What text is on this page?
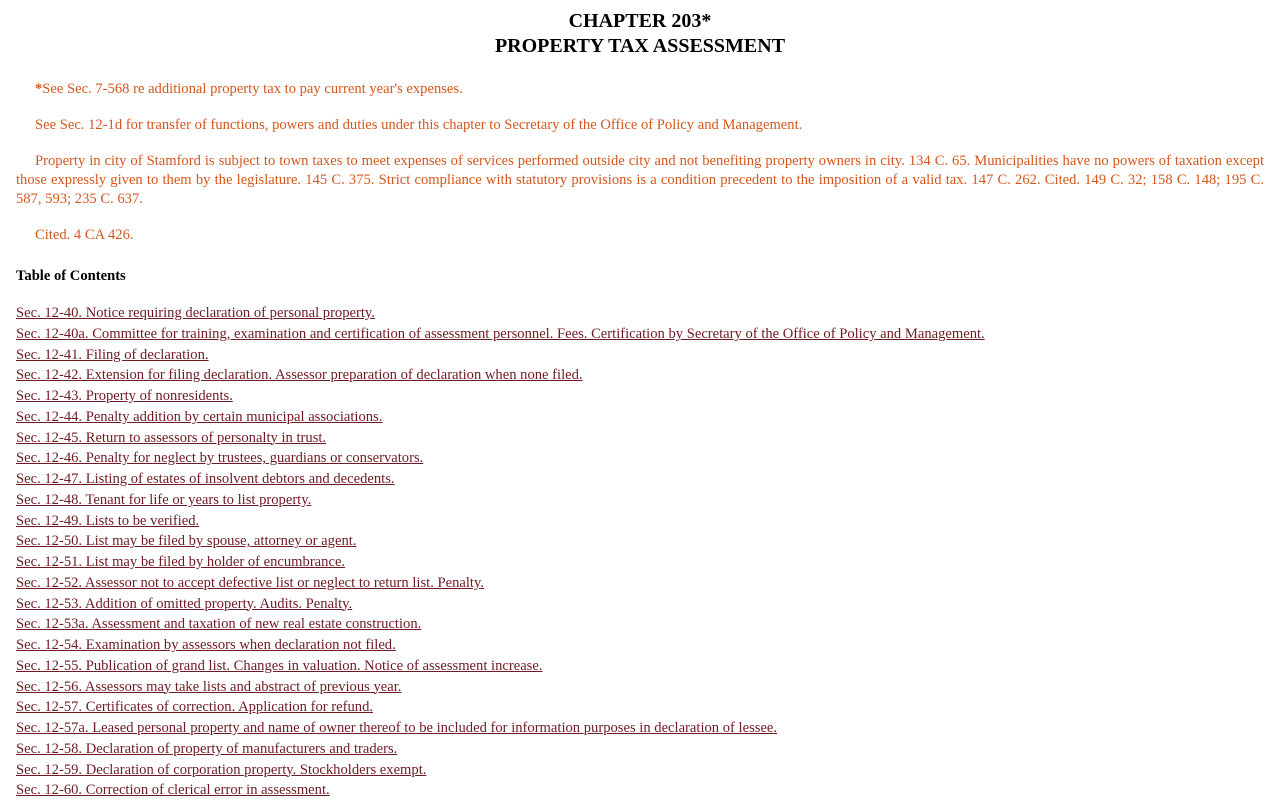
CHAPTER 203*
PROPERTY TAX ASSESSMENT

*See Sec. 7-568 re additional property tax to pay current year's expenses.

See Sec. 12-1d for transfer of functions, powers and duties under this chapter to Secretary of the Office of Policy and Management.

Property in city of Stamford is subject to town taxes to meet expenses of services performed outside city and not benefiting property owners in city. 134 C. 65. Municipalities have no powers of taxation except those expressly given to them by the legislature. 145 C. 375. Strict compliance with statutory provisions is a condition precedent to the imposition of a valid tax. 147 C. 262. Cited. 149 C. 32; 158 C. 148; 195 C. 587, 593; 235 C. 637.

Cited. 4 CA 426.

Table of Contents

Sec. 12-40. Notice requiring declaration of personal property.

Sec. 12-40a. Committee for training, examination and certification of assessment personnel. Fees. Certification by Secretary of the Office of Policy and Management.

Sec. 12-41. Filing of declaration.

Sec. 12-42. Extension for filing declaration. Assessor preparation of declaration when none filed.

Sec. 12-43. Property of nonresidents.

Sec. 12-44. Penalty addition by certain municipal associations.

Sec. 12-45. Return to assessors of personalty in trust.

Sec. 12-46. Penalty for neglect by trustees, guardians or conservators.

Sec. 12-47. Listing of estates of insolvent debtors and decedents.

Sec. 12-48. Tenant for life or years to list property.

Sec. 12-49. Lists to be verified.

Sec. 12-50. List may be filed by spouse, attorney or agent.

Sec. 12-51. List may be filed by holder of encumbrance.

Sec. 12-52. Assessor not to accept defective list or neglect to return list. Penalty.

Sec. 12-53. Addition of omitted property. Audits. Penalty.

Sec. 12-53a. Assessment and taxation of new real estate construction.

Sec. 12-54. Examination by assessors when declaration not filed.

Sec. 12-55. Publication of grand list. Changes in valuation. Notice of assessment increase.

Sec. 12-56. Assessors may take lists and abstract of previous year.

Sec. 12-57. Certificates of correction. Application for refund.

Sec. 12-57a. Leased personal property and name of owner thereof to be included for information purposes in declaration of lessee.

Sec. 12-58. Declaration of property of manufacturers and traders.

Sec. 12-59. Declaration of corporation property. Stockholders exempt.

Sec. 12-60. Correction of clerical error in assessment.
